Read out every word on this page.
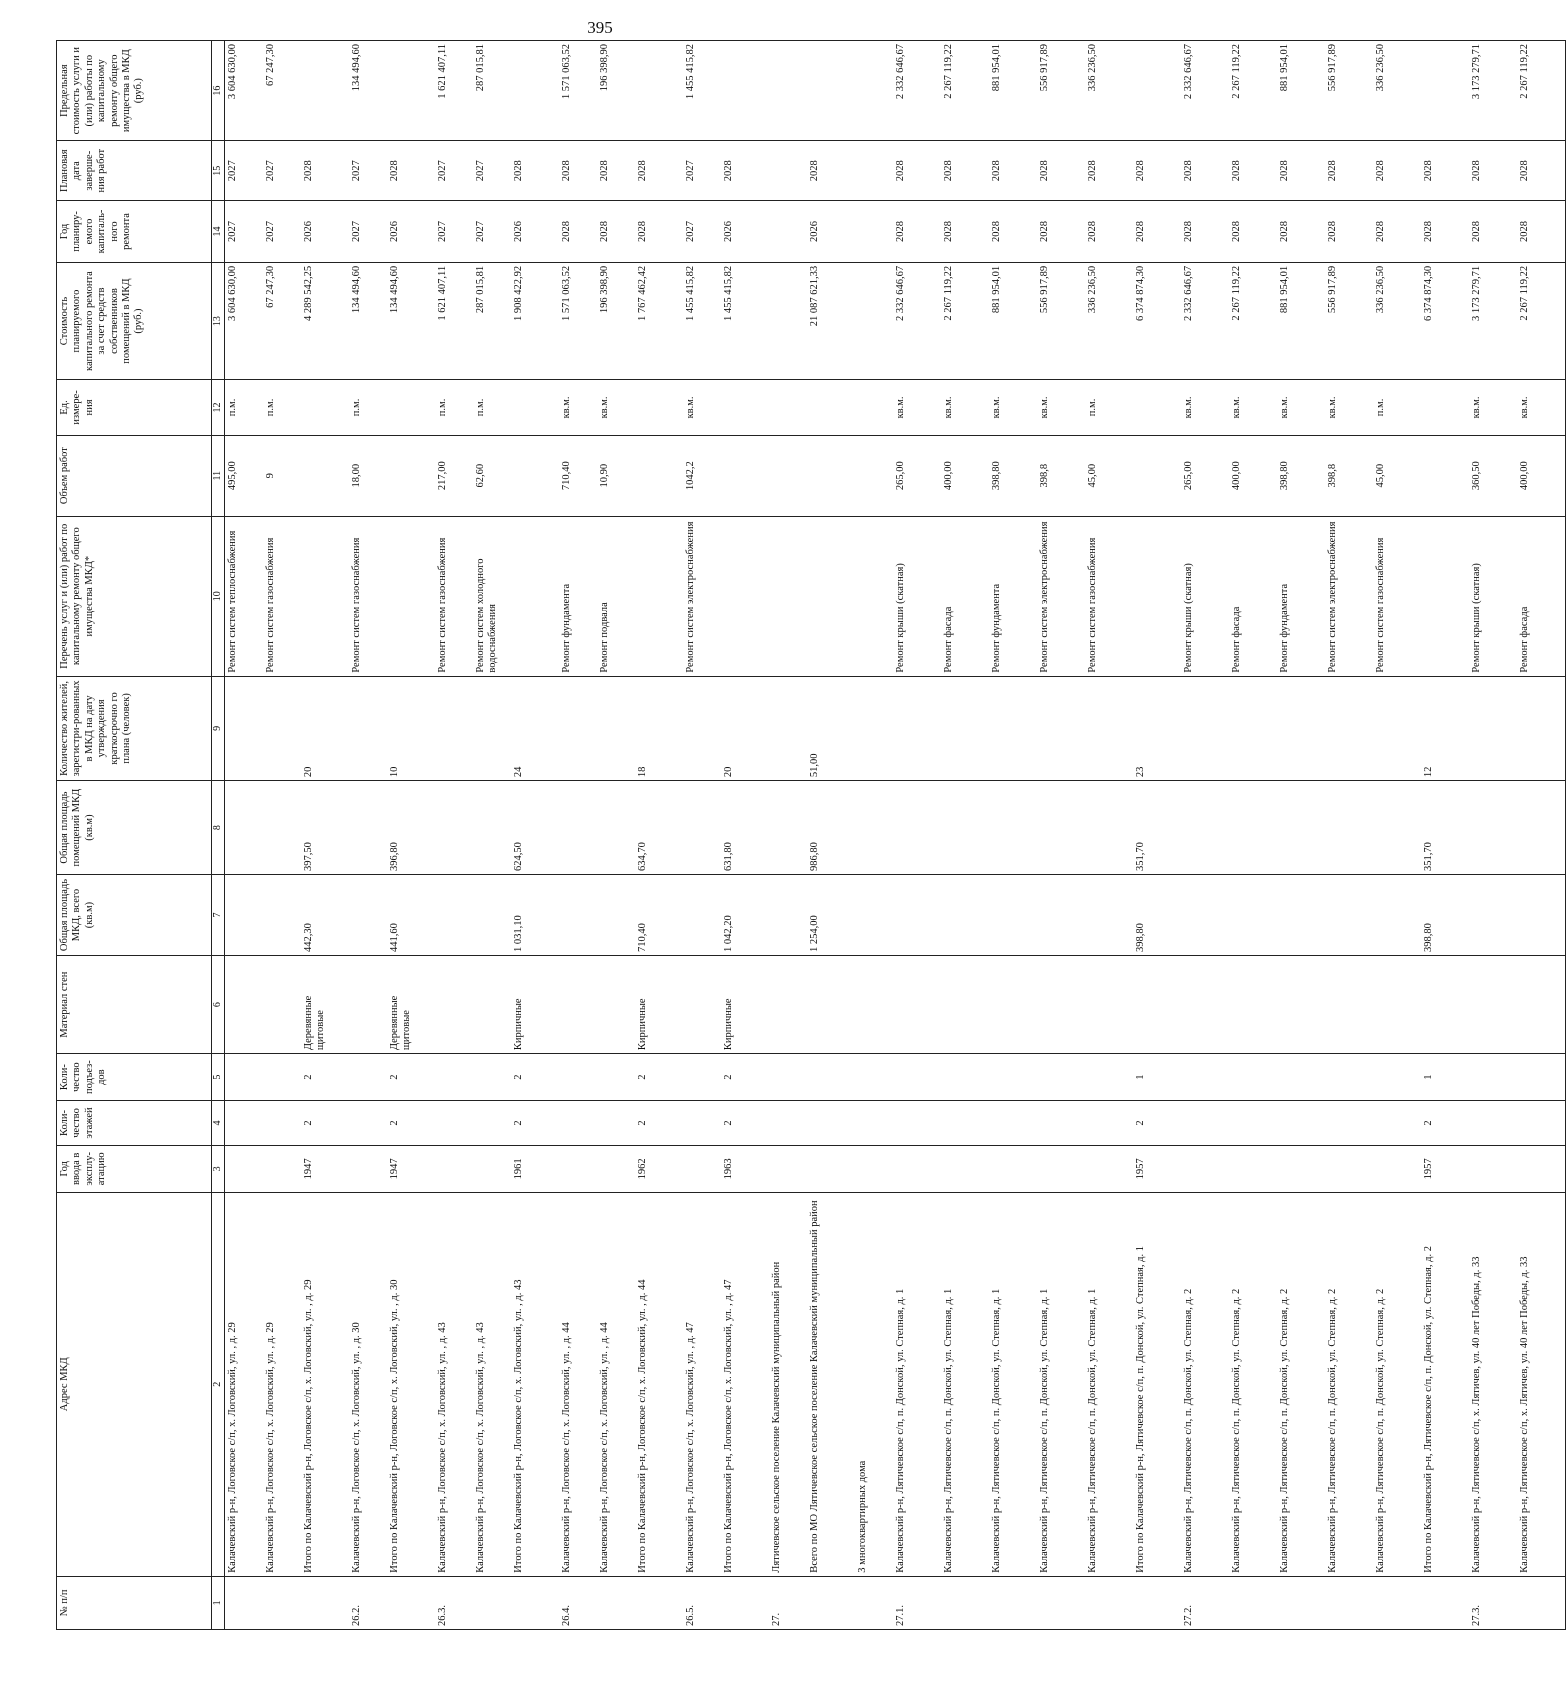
395
№ п/п	Адрес МКД	Год ввода в эксплу-атацию	Коли-чество этажей	Коли-чество подъез-дов	Материал стен	Общая площадь МКД, всего (кв.м)	Общая площадь помещений МКД (кв.м)	Количество жителей, зарегистри-рованных в МКД на дату утверждения краткосрочно го плана (человек)	Перечень услуг и (или) работ по капитальному ремонту общего имущества МКД*	Объем работ	Ед. измере-ния	Стоимость планируемого капитального ремонта за счет средств собственников помещений в МКД (руб.)	Год планиру-емого капиталь-ного ремонта	Плановая дата заверше-ния работ	Предельная стоимость услуги и (или) работы по капитальному ремонту общего имущества в МКД (руб.)
1	2	3	4	5	6	7	8	9	10	11	12	13	14	15	16
	Калачевский р-н, Логовское с/п, х. Логовский, ул. , д. 29								Ремонт систем теплоснабжения	495,00	п.м.	3 604 630,00	2027	2027	3 604 630,00
	Калачевский р-н, Логовское с/п, х. Логовский, ул. , д. 29								Ремонт систем газоснабжения	9	п.м.	67 247,30	2027	2027	67 247,30
	Итого по Калачевский р-н, Логовское с/п, х. Логовский, ул. , д. 29	1947	2	2	Деревянные щитовые	442,30	397,50	20				4 289 542,25	2026	2028	
26.2.	Калачевский р-н, Логовское с/п, х. Логовский, ул. , д. 30								Ремонт систем газоснабжения	18,00	п.м.	134 494,60	2027	2027	134 494,60
	Итого по Калачевский р-н, Логовское с/п, х. Логовский, ул. , д. 30	1947	2	2	Деревянные щитовые	441,60	396,80	10				134 494,60	2026	2028	
26.3.	Калачевский р-н, Логовское с/п, х. Логовский, ул. , д. 43								Ремонт систем газоснабжения	217,00	п.м.	1 621 407,11	2027	2027	1 621 407,11
	Калачевский р-н, Логовское с/п, х. Логовский, ул. , д. 43								Ремонт систем холодного водоснабжения	62,60	п.м.	287 015,81	2027	2027	287 015,81
	Итого по Калачевский р-н, Логовское с/п, х. Логовский, ул. , д. 43	1961	2	2	Кирпичные	1 031,10	624,50	24				1 908 422,92	2026	2028	
26.4.	Калачевский р-н, Логовское с/п, х. Логовский, ул. , д. 44								Ремонт фундамента	710,40	кв.м.	1 571 063,52	2028	2028	1 571 063,52
	Калачевский р-н, Логовское с/п, х. Логовский, ул. , д. 44								Ремонт подвала	10,90	кв.м.	196 398,90	2028	2028	196 398,90
	Итого по Калачевский р-н, Логовское с/п, х. Логовский, ул. , д. 44	1962	2	2	Кирпичные	710,40	634,70	18				1 767 462,42	2028	2028	
26.5.	Калачевский р-н, Логовское с/п, х. Логовский, ул. , д. 47								Ремонт систем электроснабжения	1042,2	кв.м.	1 455 415,82	2027	2027	1 455 415,82
	Итого по Калачевский р-н, Логовское с/п, х. Логовский, ул. , д. 47	1963	2	2	Кирпичные	1 042,20	631,80	20				1 455 415,82	2026	2028	
27.	Лятичевское сельское поселение Калачевский муниципальный район														
	Всего по МО Лятичевское сельское поселение Калачевский муниципальный район					1 254,00	986,80	51,00				21 087 621,33	2026	2028	
	3 многоквартирных дома														
27.1.	Калачевский р-н, Лятичевское с/п, п. Донской, ул. Степная, д. 1								Ремонт крыши (скатная)	265,00	кв.м.	2 332 646,67	2028	2028	2 332 646,67
	Калачевский р-н, Лятичевское с/п, п. Донской, ул. Степная, д. 1								Ремонт фасада	400,00	кв.м.	2 267 119,22	2028	2028	2 267 119,22
	Калачевский р-н, Лятичевское с/п, п. Донской, ул. Степная, д. 1								Ремонт фундамента	398,80	кв.м.	881 954,01	2028	2028	881 954,01
	Калачевский р-н, Лятичевское с/п, п. Донской, ул. Степная, д. 1								Ремонт систем электроснабжения	398,8	кв.м.	556 917,89	2028	2028	556 917,89
	Калачевский р-н, Лятичевское с/п, п. Донской, ул. Степная, д. 1								Ремонт систем газоснабжения	45,00	п.м.	336 236,50	2028	2028	336 236,50
	Итого по Калачевский р-н, Лятичевское с/п, п. Донской, ул. Степная, д. 1	1957	2	1		398,80	351,70	23				6 374 874,30	2028	2028	
27.2.	Калачевский р-н, Лятичевское с/п, п. Донской, ул. Степная, д. 2								Ремонт крыши (скатная)	265,00	кв.м.	2 332 646,67	2028	2028	2 332 646,67
	Калачевский р-н, Лятичевское с/п, п. Донской, ул. Степная, д. 2								Ремонт фасада	400,00	кв.м.	2 267 119,22	2028	2028	2 267 119,22
	Калачевский р-н, Лятичевское с/п, п. Донской, ул. Степная, д. 2								Ремонт фундамента	398,80	кв.м.	881 954,01	2028	2028	881 954,01
	Калачевский р-н, Лятичевское с/п, п. Донской, ул. Степная, д. 2								Ремонт систем электроснабжения	398,8	кв.м.	556 917,89	2028	2028	556 917,89
	Калачевский р-н, Лятичевское с/п, п. Донской, ул. Степная, д. 2								Ремонт систем газоснабжения	45,00	п.м.	336 236,50	2028	2028	336 236,50
	Итого по Калачевский р-н, Лятичевское с/п, п. Донской, ул. Степная, д. 2	1957	2	1		398,80	351,70	12				6 374 874,30	2028	2028	
27.3.	Калачевский р-н, Лятичевское с/п, х. Лятичев, ул. 40 лет Победы, д. 33								Ремонт крыши (скатная)	360,50	кв.м.	3 173 279,71	2028	2028	3 173 279,71
	Калачевский р-н, Лятичевское с/п, х. Лятичев, ул. 40 лет Победы, д. 33								Ремонт фасада	400,00	кв.м.	2 267 119,22	2028	2028	2 267 119,22
